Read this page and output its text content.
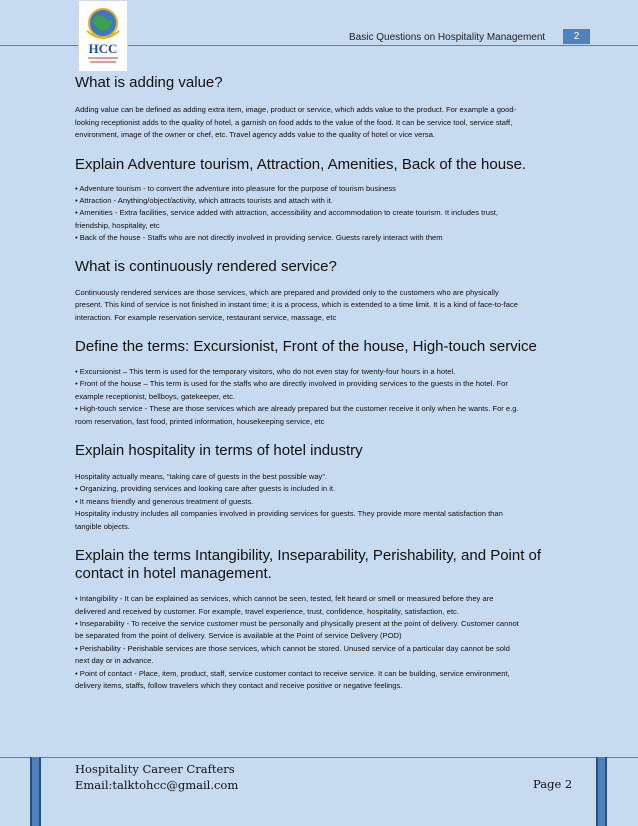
HCC
Basic Questions on Hospitality Management	2
What is adding value?

Adding value can be defined as adding extra item, image, product or service, which adds value to the product. For example a good-

looking receptionist adds to the quality of hotel, a garnish on food adds to the value of the food. It can be service tool, service staff,

environment, image of the owner or chef, etc. Travel agency adds value to the quality of hotel or vice versa.

Explain Adventure tourism, Attraction, Amenities, Back of the house.

• Adventure tourism - to convert the adventure into pleasure for the purpose of tourism business

• Attraction - Anything/object/activity, which attracts tourists and attach with it.

• Amenities - Extra facilities, service added with attraction, accessibility and accommodation to create tourism. It includes trust,

friendship, hospitality, etc

• Back of the house - Staffs who are not directly involved in providing service. Guests rarely interact with them

What is continuously rendered service?

Continuously rendered services are those services, which are prepared and provided only to the customers who are physically

present. This kind of service is not finished in instant time; it is a process, which is extended to a time limit. It is a kind of face-to-face

interaction. For example reservation service, restaurant service, massage, etc

Define the terms: Excursionist, Front of the house, High-touch service

• Excursionist – This term is used for the temporary visitors, who do not even stay for twenty-four hours in a hotel.

• Front of the house – This term is used for the staffs who are directly involved in providing services to the guests in the hotel. For

example receptionist, bellboys, gatekeeper, etc.

• High-touch service - These are those services which are already prepared but the customer receive it only when he wants. For e.g.

room reservation, fast food, printed information, housekeeping service, etc

Explain hospitality in terms of hotel industry

Hospitality actually means, “taking care of guests in the best possible way”.

• Organizing, providing services and looking care after guests is included in it.

• It means friendly and generous treatment of guests.

Hospitality industry includes all companies involved in providing services for guests. They provide more mental satisfaction than

tangible objects.

Explain the terms Intangibility, Inseparability, Perishability, and Point of contact in hotel management.

• Intangibility - It can be explained as services, which cannot be seen, tested, felt heard or smell or measured before they are

delivered and received by customer. For example, travel experience, trust, confidence, hospitality, satisfaction, etc.

• Inseparability - To receive the service customer must be personally and physically present at the point of delivery. Customer cannot

be separated from the point of delivery. Service is available at the Point of service Delivery (POD)

• Perishability - Perishable services are those services, which cannot be stored. Unused service of a particular day cannot be sold

next day or in advance.

• Point of contact - Place, item, product, staff, service customer contact to receive service. It can be building, service environment,

delivery items, staffs, follow travelers which they contact and receive positive or negative feelings.

Hospitality Career Crafters
Email:talktohcc@gmail.com	Page 2
